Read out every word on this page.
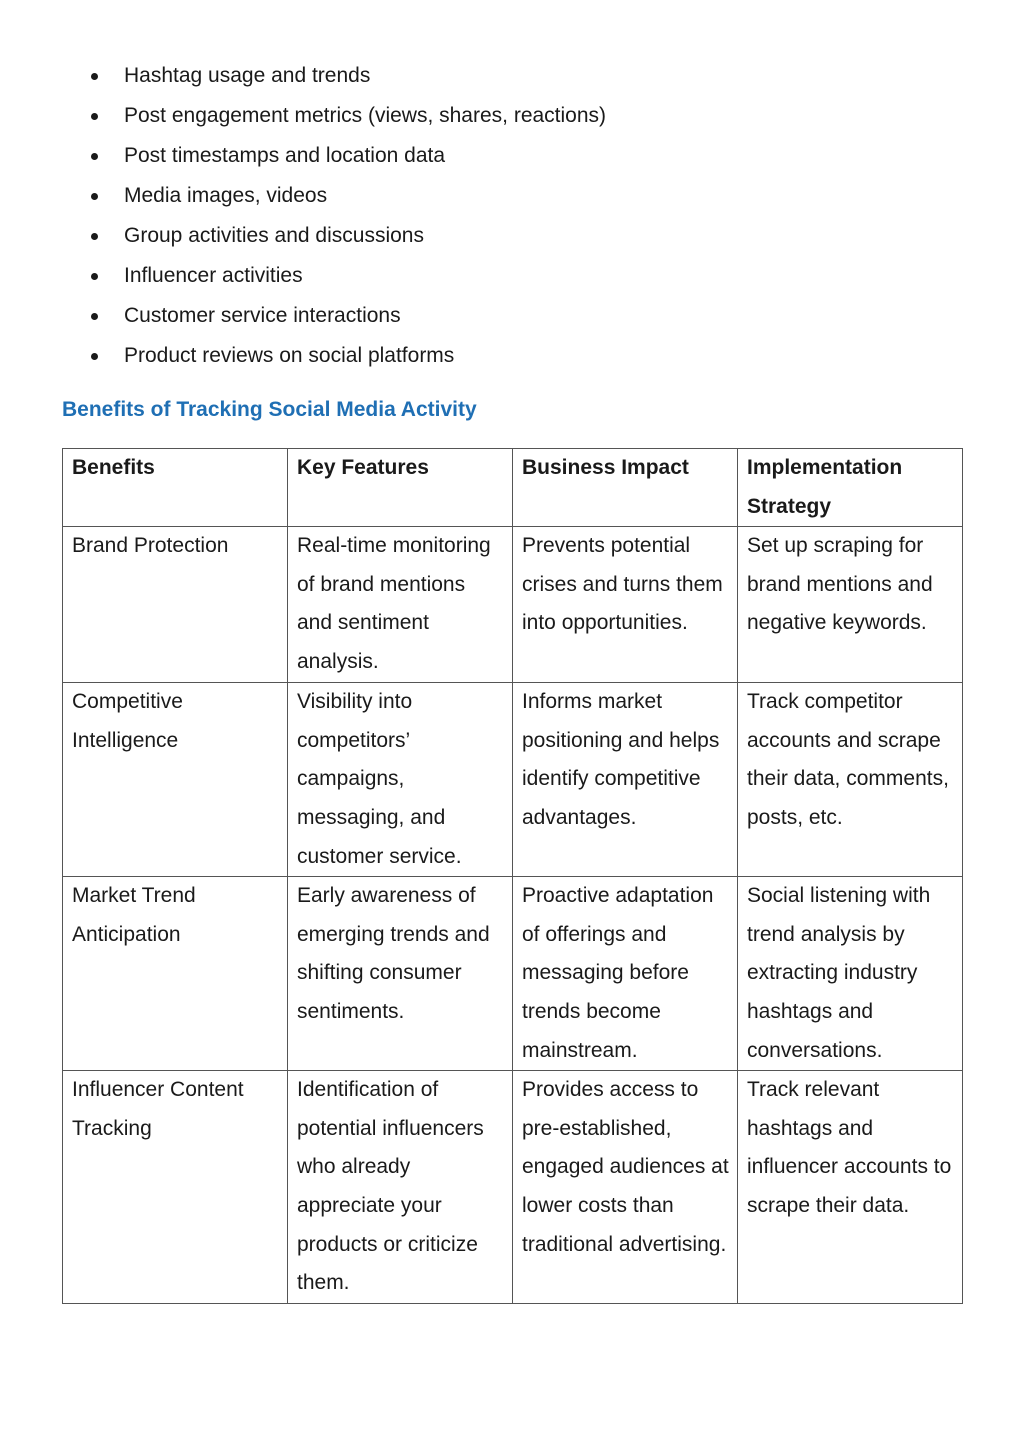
Hashtag usage and trends
Post engagement metrics (views, shares, reactions)
Post timestamps and location data
Media images, videos
Group activities and discussions
Influencer activities
Customer service interactions
Product reviews on social platforms
Benefits of Tracking Social Media Activity
Benefits	Key Features	Business Impact	Implementation Strategy
Brand Protection	Real-time monitoring of brand mentions and sentiment analysis.	Prevents potential crises and turns them into opportunities.	Set up scraping for brand mentions and negative keywords.
Competitive Intelligence	Visibility into competitors’ campaigns, messaging, and customer service.	Informs market positioning and helps identify competitive advantages.	Track competitor accounts and scrape their data, comments, posts, etc.
Market Trend Anticipation	Early awareness of emerging trends and shifting consumer sentiments.	Proactive adaptation of offerings and messaging before trends become mainstream.	Social listening with trend analysis by extracting industry hashtags and conversations.
Influencer Content Tracking	Identification of potential influencers who already appreciate your products or criticize them.	Provides access to pre-established, engaged audiences at lower costs than traditional advertising.	Track relevant hashtags and influencer accounts to scrape their data.
